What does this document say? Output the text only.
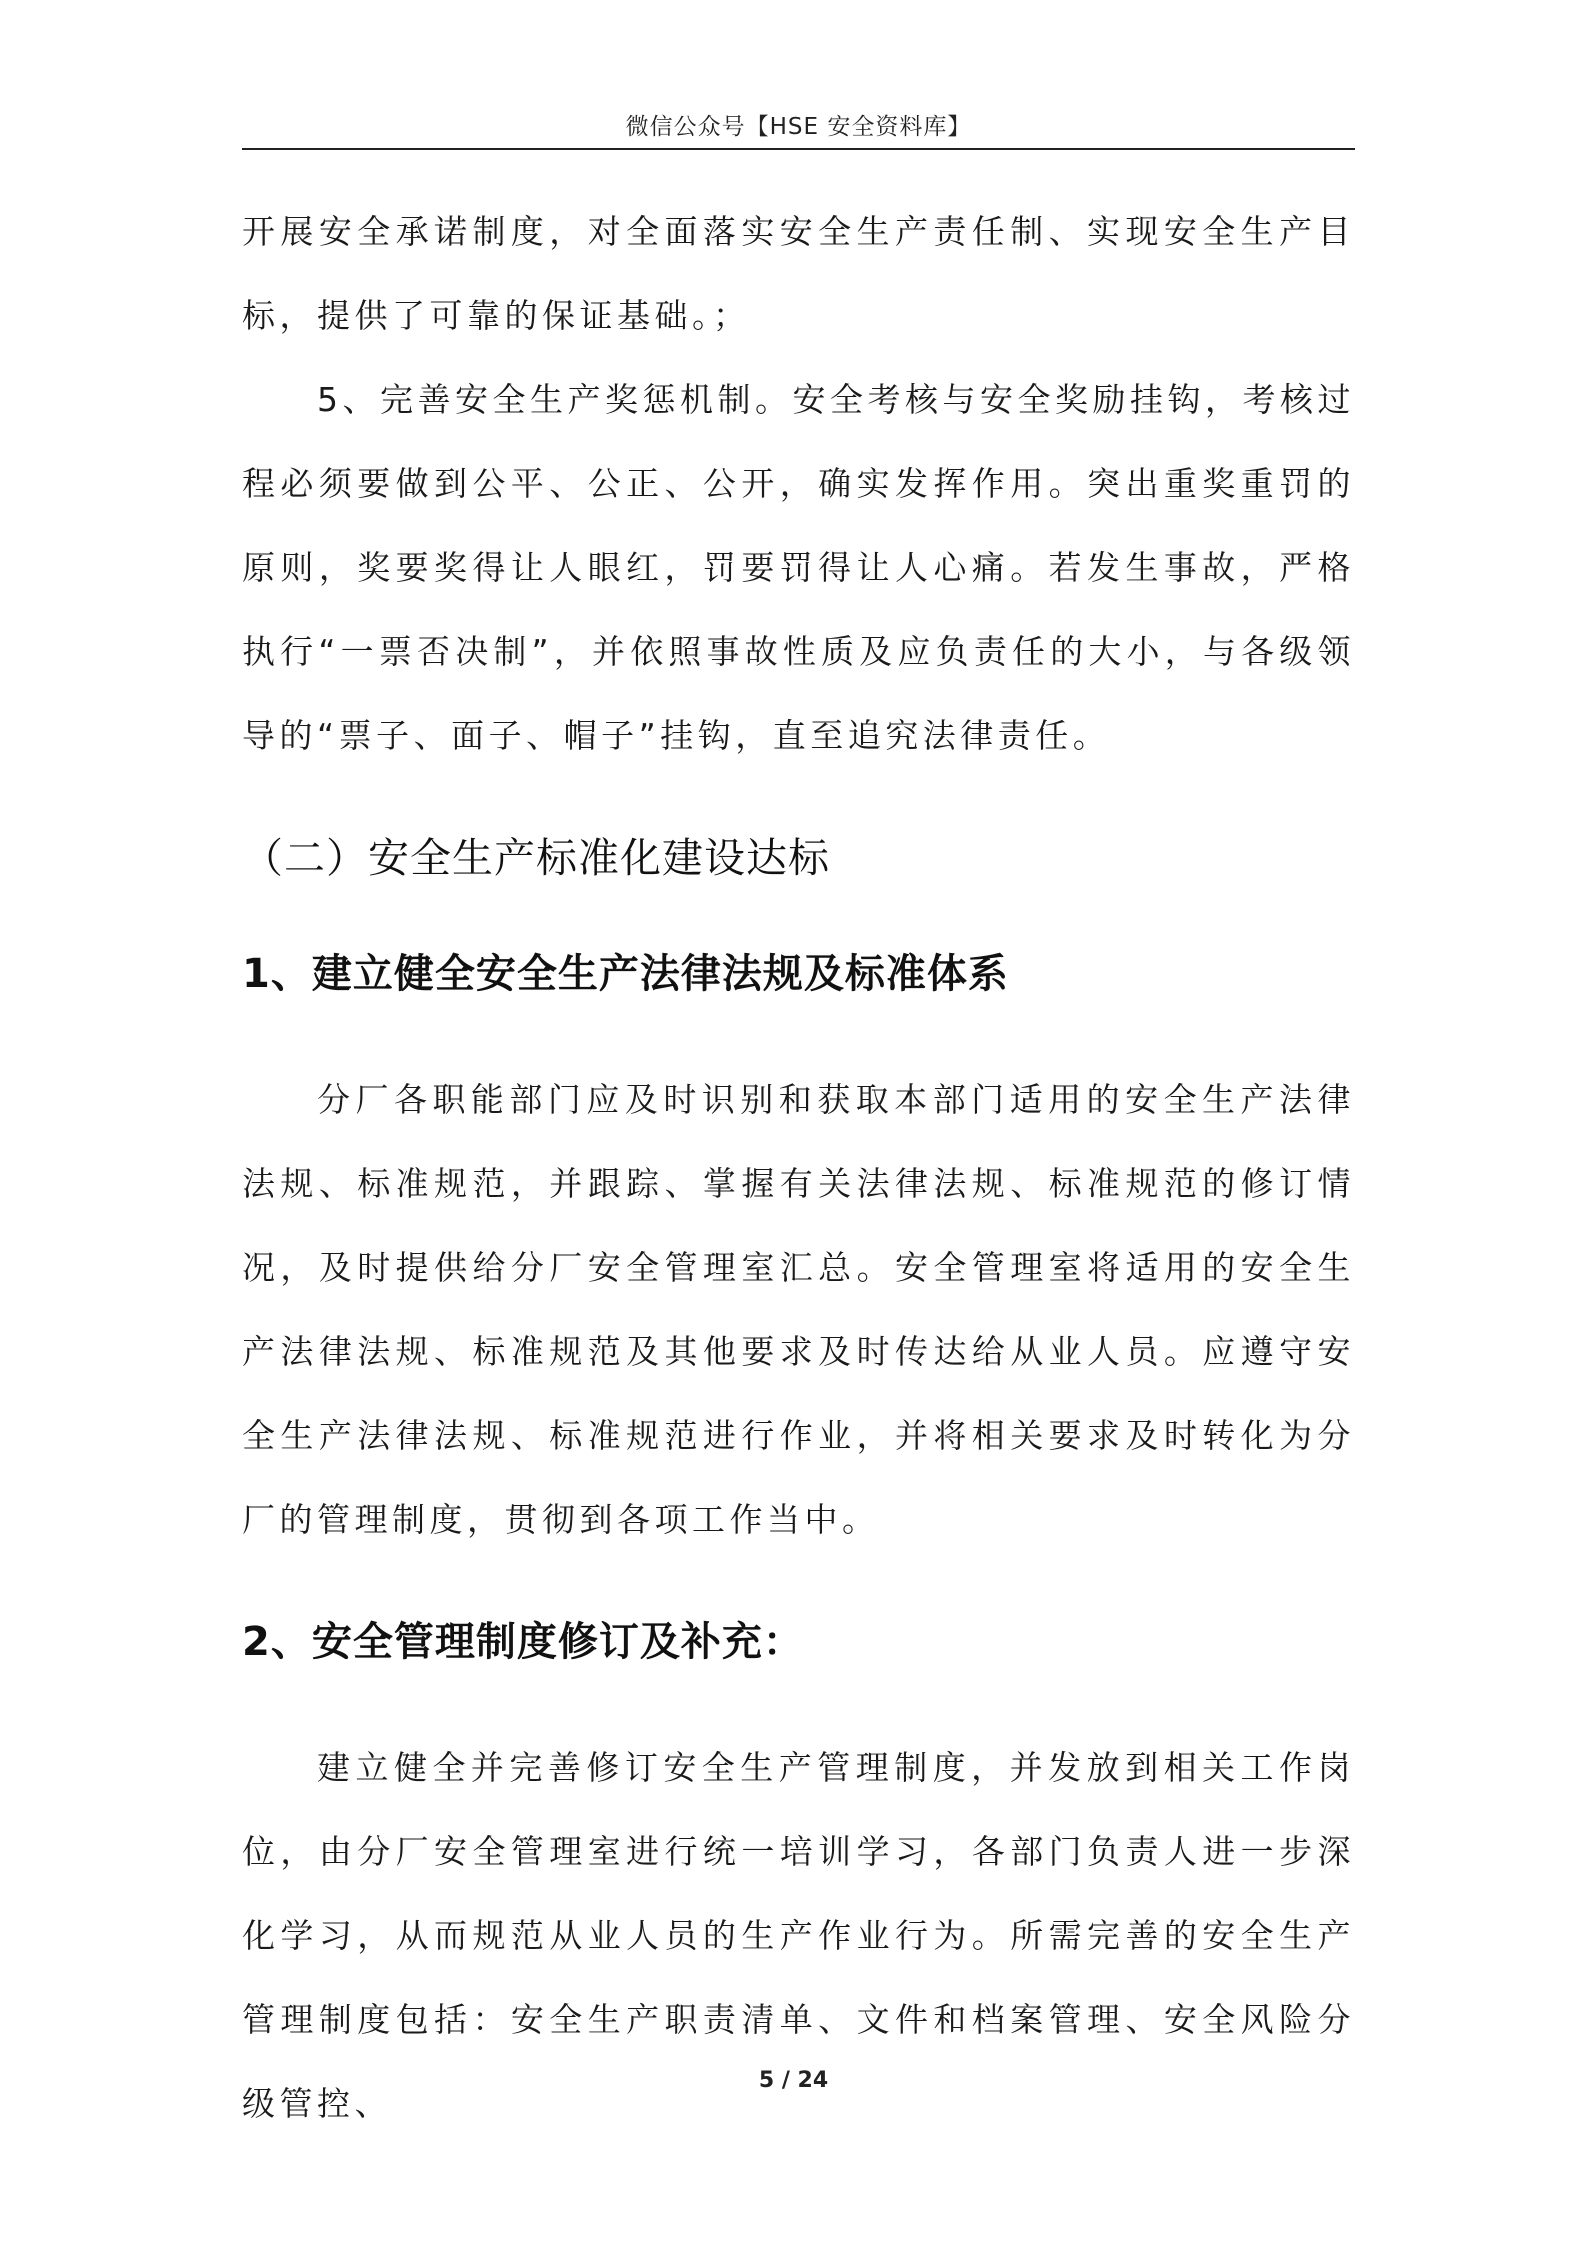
微信公众号【HSE 安全资料库】

开展安全承诺制度，对全面落实安全生产责任制、实现安全生产目标，提供了可靠的保证基础。；

5、完善安全生产奖惩机制。安全考核与安全奖励挂钩，考核过程必须要做到公平、公正、公开，确实发挥作用。突出重奖重罚的原则，奖要奖得让人眼红，罚要罚得让人心痛。若发生事故，严格执行“一票否决制”，并依照事故性质及应负责任的大小，与各级领导的“票子、面子、帽子”挂钩，直至追究法律责任。

（二）安全生产标准化建设达标
1、建立健全安全生产法律法规及标准体系

分厂各职能部门应及时识别和获取本部门适用的安全生产法律法规、标准规范，并跟踪、掌握有关法律法规、标准规范的修订情况，及时提供给分厂安全管理室汇总。安全管理室将适用的安全生产法律法规、标准规范及其他要求及时传达给从业人员。应遵守安全生产法律法规、标准规范进行作业，并将相关要求及时转化为分厂的管理制度，贯彻到各项工作当中。

2、安全管理制度修订及补充：

建立健全并完善修订安全生产管理制度，并发放到相关工作岗位，由分厂安全管理室进行统一培训学习，各部门负责人进一步深化学习，从而规范从业人员的生产作业行为。所需完善的安全生产管理制度包括：安全生产职责清单、文件和档案管理、安全风险分级管控、

5 / 24
